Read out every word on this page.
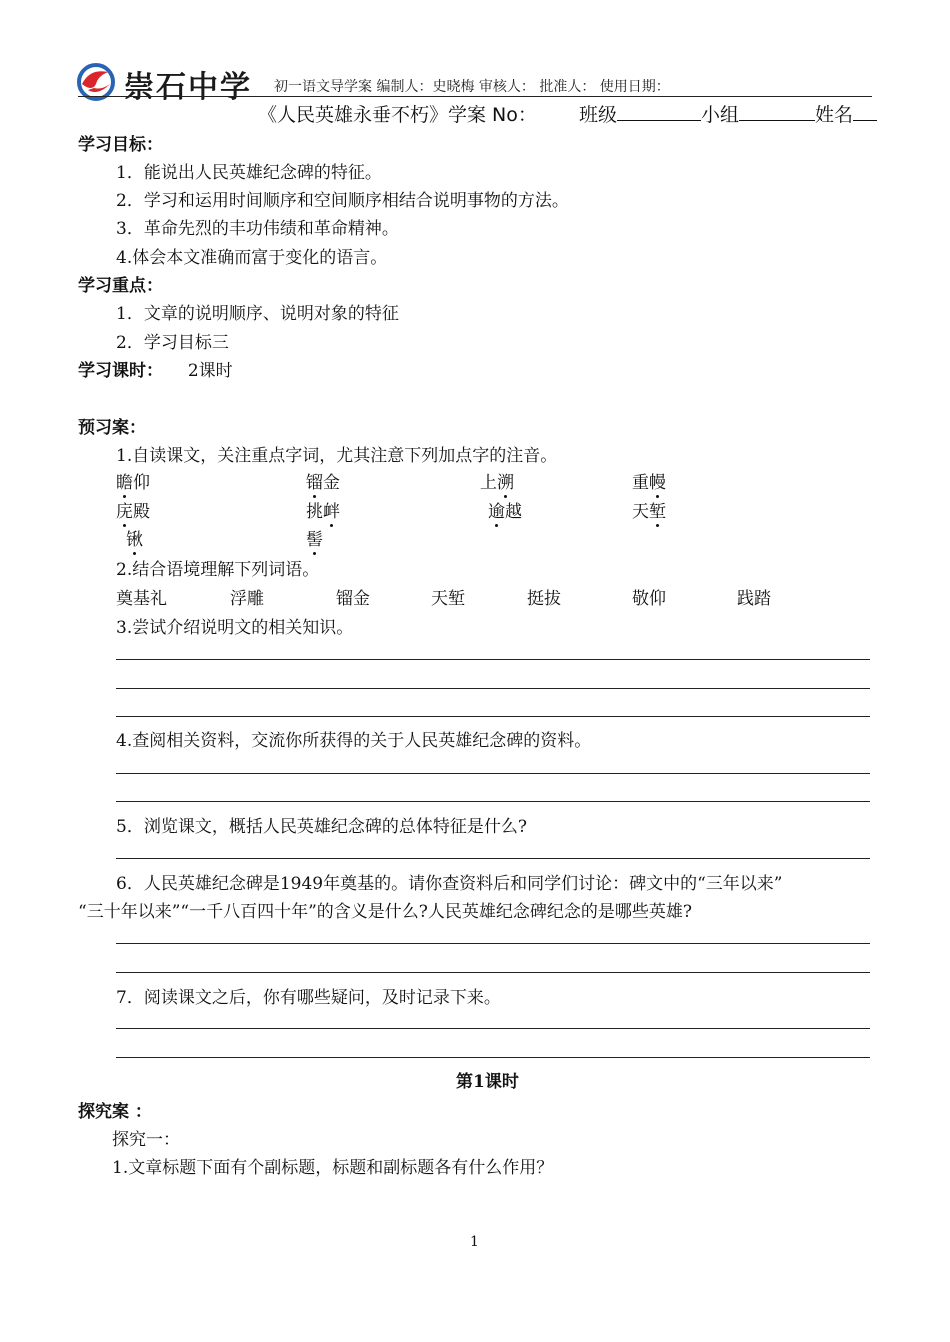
崇石中学 初一语文导学案 编制人：史晓梅 审核人： 批准人： 使用日期：
《人民英雄永垂不朽》学案 No： 班级	小组	姓名
学习目标：
1．能说出人民英雄纪念碑的特征。
2．学习和运用时间顺序和空间顺序相结合说明事物的方法。
3．革命先烈的丰功伟绩和革命精神。
4.体会本文准确而富于变化的语言。
学习重点：
1．文章的说明顺序、说明对象的特征
2．学习目标三
学习课时： 2课时
预习案：
1.自读课文，关注重点字词，尤其注意下列加点字的注音。
瞻仰	镏金	上溯	重幔
庑殿	挑衅	逾越	天堑
锹	髻
2.结合语境理解下列词语。
奠基礼	浮雕	镏金	天堑	挺拔	敬仰	践踏
3.尝试介绍说明文的相关知识。
4.查阅相关资料，交流你所获得的关于人民英雄纪念碑的资料。
5．浏览课文，概括人民英雄纪念碑的总体特征是什么?
6．人民英雄纪念碑是1949年奠基的。请你查资料后和同学们讨论：碑文中的“三年以来”
“三十年以来”“一千八百四十年”的含义是什么?人民英雄纪念碑纪念的是哪些英雄?
7．阅读课文之后，你有哪些疑问，及时记录下来。
第1课时
探究案 ：
探究一：
1.文章标题下面有个副标题，标题和副标题各有什么作用？
1
